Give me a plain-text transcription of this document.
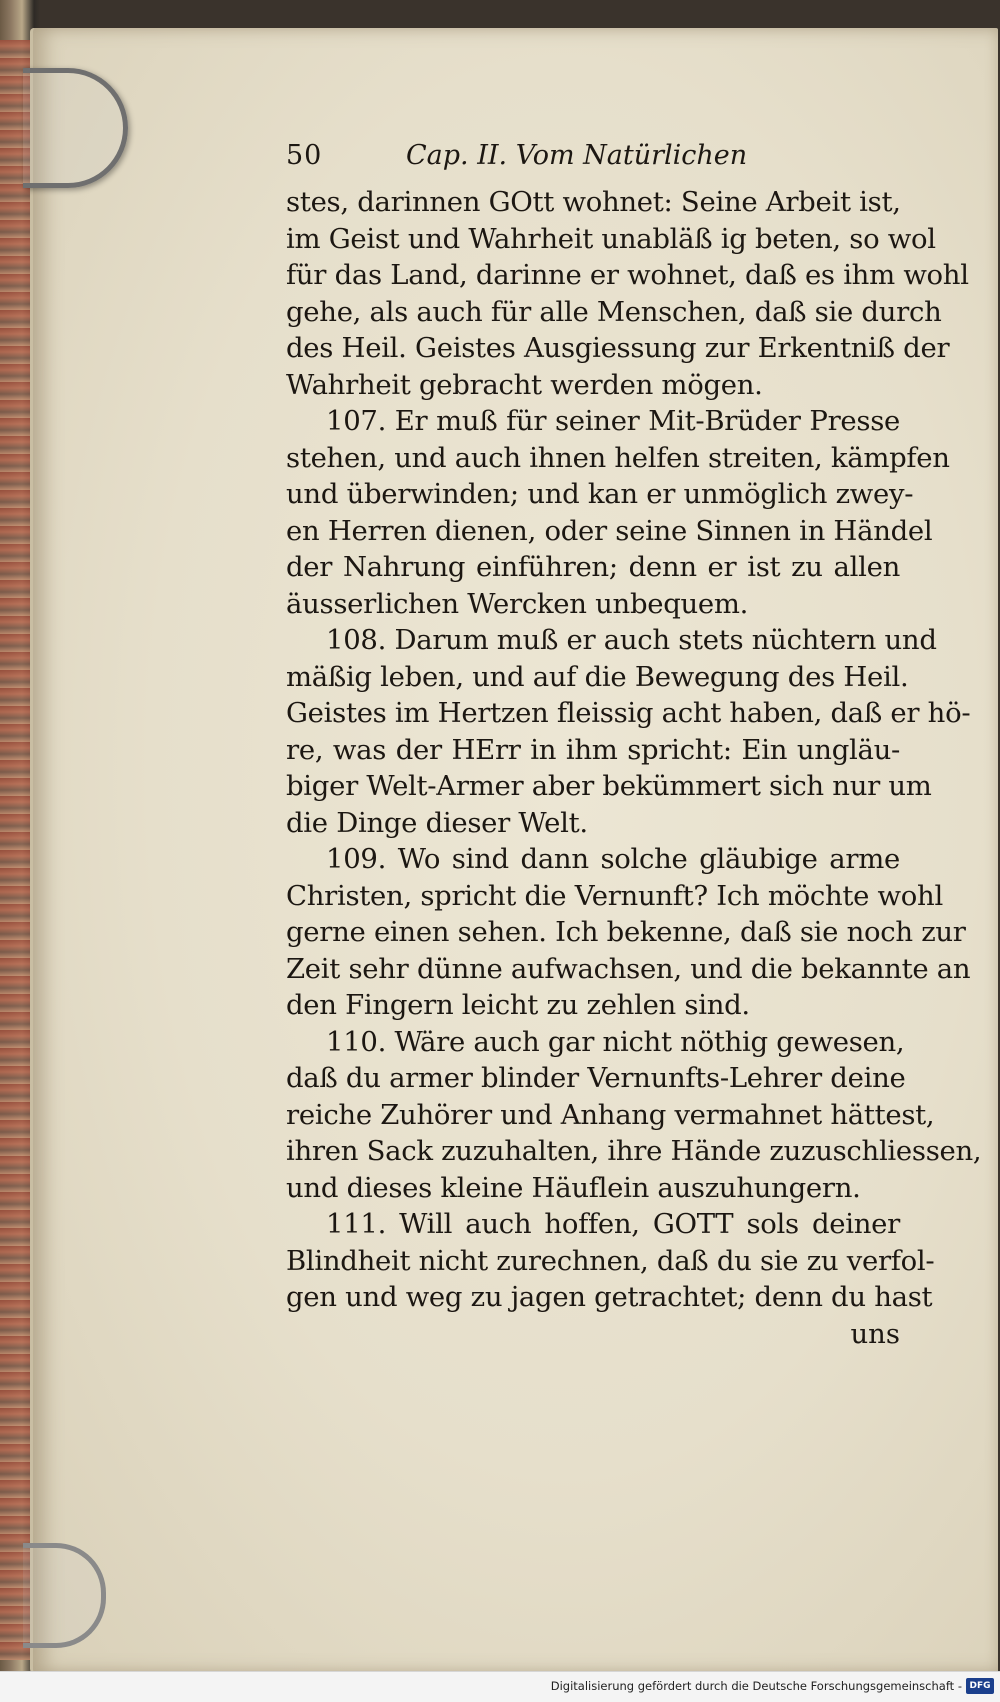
50	Cap. II. Vom Natürlichen
stes, darinnen GOtt wohnet: Seine Arbeit ist,
im Geist und Wahrheit unabläß ig beten, so wol
für das Land, darinne er wohnet, daß es ihm wohl
gehe, als auch für alle Menschen, daß sie durch
des Heil. Geistes Ausgiessung zur Erkentniß der
Wahrheit gebracht werden mögen.
107. Er muß für seiner Mit-Brüder Presse
stehen, und auch ihnen helfen streiten, kämpfen
und überwinden; und kan er unmöglich zwey-
en Herren dienen, oder seine Sinnen in Händel
der Nahrung einführen; denn er ist zu allen
äusserlichen Wercken unbequem.
108. Darum muß er auch stets nüchtern und
mäßig leben, und auf die Bewegung des Heil.
Geistes im Hertzen fleissig acht haben, daß er hö-
re, was der HErr in ihm spricht: Ein ungläu-
biger Welt-Armer aber bekümmert sich nur um
die Dinge dieser Welt.
109. Wo sind dann solche gläubige arme
Christen, spricht die Vernunft? Ich möchte wohl
gerne einen sehen. Ich bekenne, daß sie noch zur
Zeit sehr dünne aufwachsen, und die bekannte an
den Fingern leicht zu zehlen sind.
110. Wäre auch gar nicht nöthig gewesen,
daß du armer blinder Vernunfts-Lehrer deine
reiche Zuhörer und Anhang vermahnet hättest,
ihren Sack zuzuhalten, ihre Hände zuzuschliessen,
und dieses kleine Häuflein auszuhungern.
111. Will auch hoffen, GOTT sols deiner
Blindheit nicht zurechnen, daß du sie zu verfol-
gen und weg zu jagen getrachtet; denn du hast
uns
Digitalisierung gefördert durch die Deutsche Forschungsgemeinschaft - DFG
